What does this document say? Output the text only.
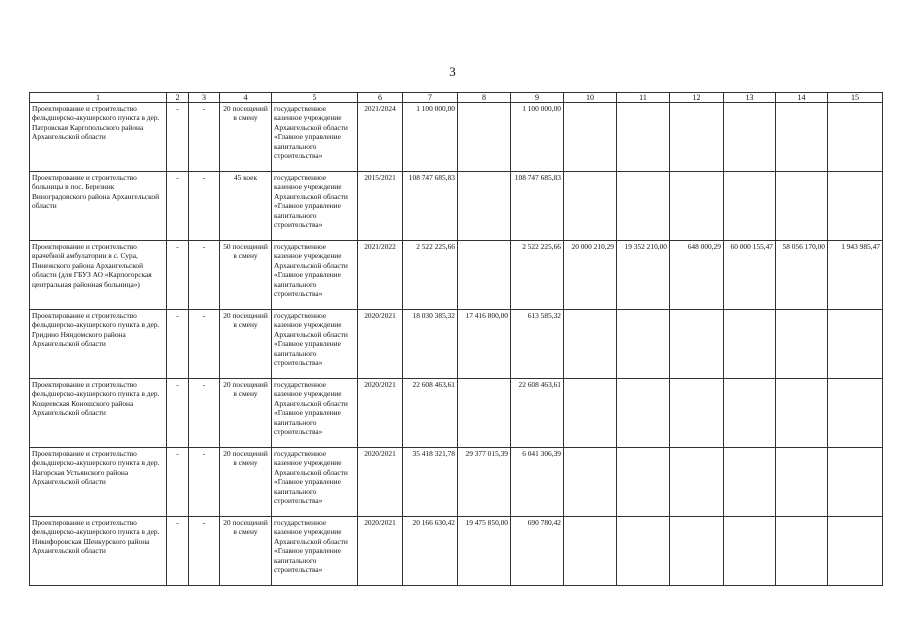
3
1	2	3	4	5	6	7	8	9	10	11	12	13	14	15
Проектирование и строительство фельдшерско-акушерского пункта в дер. Патровская Каргопольского района Архангельской области	-	-	20 посещений в смену	государственное казенное учреждение Архангельской области «Главное управление капитального строительства»	2021/2024	1 100 000,00		1 100 000,00						
Проектирование и строительство больницы в пос. Березник Виноградовского района Архангельской области	-	-	45 коек	государственное казенное учреждение Архангельской области «Главное управление капитального строительства»	2015/2021	108 747 685,83		108 747 685,83						
Проектирование и строительство врачебной амбулатории в с. Сура, Пинежского района Архангельской области (для ГБУЗ АО «Карпогорская центральная районная больница»)	-	-	50 посещений в смену	государственное казенное учреждение Архангельской области «Главное управление капитального строительства»	2021/2022	2 522 225,66		2 522 225,66	20 000 210,29	19 352 210,00	648 000,29	60 000 155,47	58 056 170,00	1 943 985,47
Проектирование и строительство фельдшерско-акушерского пункта в дер. Гридино Няндомского района Архангельской области	-	-	20 посещений в смену	государственное казенное учреждение Архангельской области «Главное управление капитального строительства»	2020/2021	18 030 385,32	17 416 800,00	613 585,32						
Проектирование и строительство фельдшерско-акушерского пункта в дер. Кощеевская Коношского района Архангельской области	-	-	20 посещений в смену	государственное казенное учреждение Архангельской области «Главное управление капитального строительства»	2020/2021	22 608 463,61		22 608 463,61						
Проектирование и строительство фельдшерско-акушерского пункта в дер. Нагорская Устьянского района Архангельской области	-	-	20 посещений в смену	государственное казенное учреждение Архангельской области «Главное управление капитального строительства»	2020/2021	35 418 321,78	29 377 015,39	6 041 306,39						
Проектирование и строительство фельдшерско-акушерского пункта в дер. Никифоровская Шенкурского района Архангельской области	-	-	20 посещений в смену	государственное казенное учреждение Архангельской области «Главное управление капитального строительства»	2020/2021	20 166 630,42	19 475 850,00	690 780,42						
